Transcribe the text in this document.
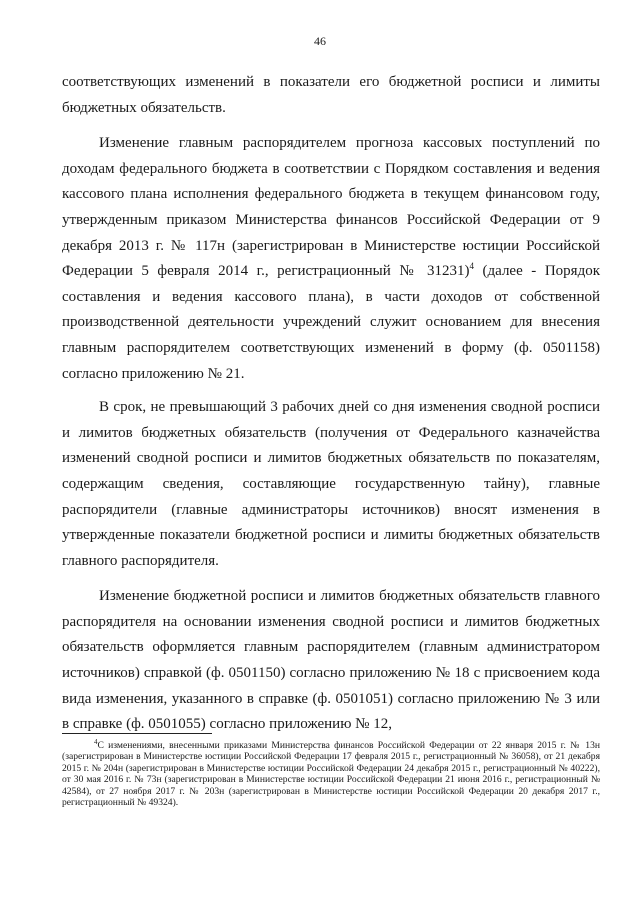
46

соответствующих изменений в показатели его бюджетной росписи и лимиты бюджетных обязательств.

Изменение главным распорядителем прогноза кассовых поступлений по доходам федерального бюджета в соответствии с Порядком составления и ведения кассового плана исполнения федерального бюджета в текущем финансовом году, утвержденным приказом Министерства финансов Российской Федерации от 9 декабря 2013 г. № 117н (зарегистрирован в Министерстве юстиции Российской Федерации 5 февраля 2014 г., регистрационный № 31231)$^4$ (далее - Порядок составления и ведения кассового плана), в части доходов от собственной производственной деятельности учреждений служит основанием для внесения главным распорядителем соответствующих изменений в форму (ф. 0501158) согласно приложению № 21.

В срок, не превышающий 3 рабочих дней со дня изменения сводной росписи и лимитов бюджетных обязательств (получения от Федерального казначейства изменений сводной росписи и лимитов бюджетных обязательств по показателям, содержащим сведения, составляющие государственную тайну), главные распорядители (главные администраторы источников) вносят изменения в утвержденные показатели бюджетной росписи и лимиты бюджетных обязательств главного распорядителя.

Изменение бюджетной росписи и лимитов бюджетных обязательств главного распорядителя на основании изменения сводной росписи и лимитов бюджетных обязательств оформляется главным распорядителем (главным администратором источников) справкой (ф. 0501150) согласно приложению № 18 с присвоением кода вида изменения, указанного в справке (ф. 0501051) согласно приложению № 3 или в справке (ф. 0501055) согласно приложению № 12,

$^4$С изменениями, внесенными приказами Министерства финансов Российской Федерации от 22 января 2015 г. № 13н (зарегистрирован в Министерстве юстиции Российской Федерации 17 февраля 2015 г., регистрационный № 36058), от 21 декабря 2015 г. № 204н (зарегистрирован в Министерстве юстиции Российской Федерации 24 декабря 2015 г., регистрационный № 40222), от 30 мая 2016 г. № 73н (зарегистрирован в Министерстве юстиции Российской Федерации 21 июня 2016 г., регистрационный № 42584), от 27 ноября 2017 г. № 203н (зарегистрирован в Министерстве юстиции Российской Федерации 20 декабря 2017 г., регистрационный № 49324).
